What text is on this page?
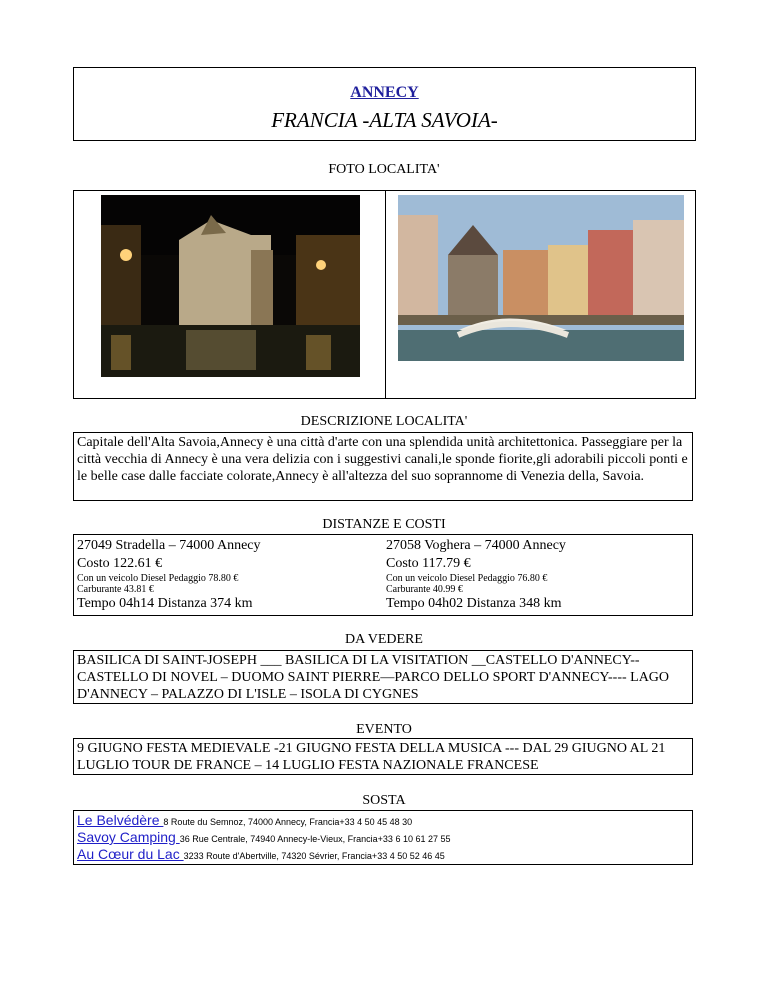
ANNECY
FRANCIA -ALTA SAVOIA-
FOTO LOCALITA'
DESCRIZIONE LOCALITA'
Capitale dell'Alta Savoia,Annecy è una città d'arte con una splendida unità architettonica. Passeggiare per la città vecchia di Annecy è una vera delizia con i suggestivi canali,le sponde fiorite,gli adorabili piccoli ponti e le belle case dalle facciate colorate,Annecy è all'altezza del suo soprannome di Venezia della, Savoia.
DISTANZE E COSTI
27049 Stradella – 74000 Annecy
Costo 122.61 €
Con un veicolo Diesel Pedaggio 78.80 €
Carburante 43.81 €
Tempo 04h14 Distanza 374 km
27058 Voghera – 74000 Annecy
Costo 117.79 €
Con un veicolo Diesel Pedaggio 76.80 €
Carburante 40.99 €
Tempo 04h02 Distanza 348 km
DA VEDERE
BASILICA DI SAINT-JOSEPH ___ BASILICA DI LA VISITATION __CASTELLO D'ANNECY-- CASTELLO DI NOVEL – DUOMO SAINT PIERRE—PARCO DELLO SPORT D'ANNECY---- LAGO D'ANNECY – PALAZZO DI L'ISLE – ISOLA DI CYGNES
EVENTO
9 GIUGNO FESTA MEDIEVALE -21 GIUGNO FESTA DELLA MUSICA --- DAL 29 GIUGNO AL 21 LUGLIO TOUR DE FRANCE – 14 LUGLIO FESTA NAZIONALE FRANCESE
SOSTA
Le Belvédère 8 Route du Semnoz, 74000 Annecy, Francia+33 4 50 45 48 30
Savoy Camping 36 Rue Centrale, 74940 Annecy-le-Vieux, Francia+33 6 10 61 27 55
Au Cœur du Lac 3233 Route d'Abertville, 74320 Sévrier, Francia+33 4 50 52 46 45
